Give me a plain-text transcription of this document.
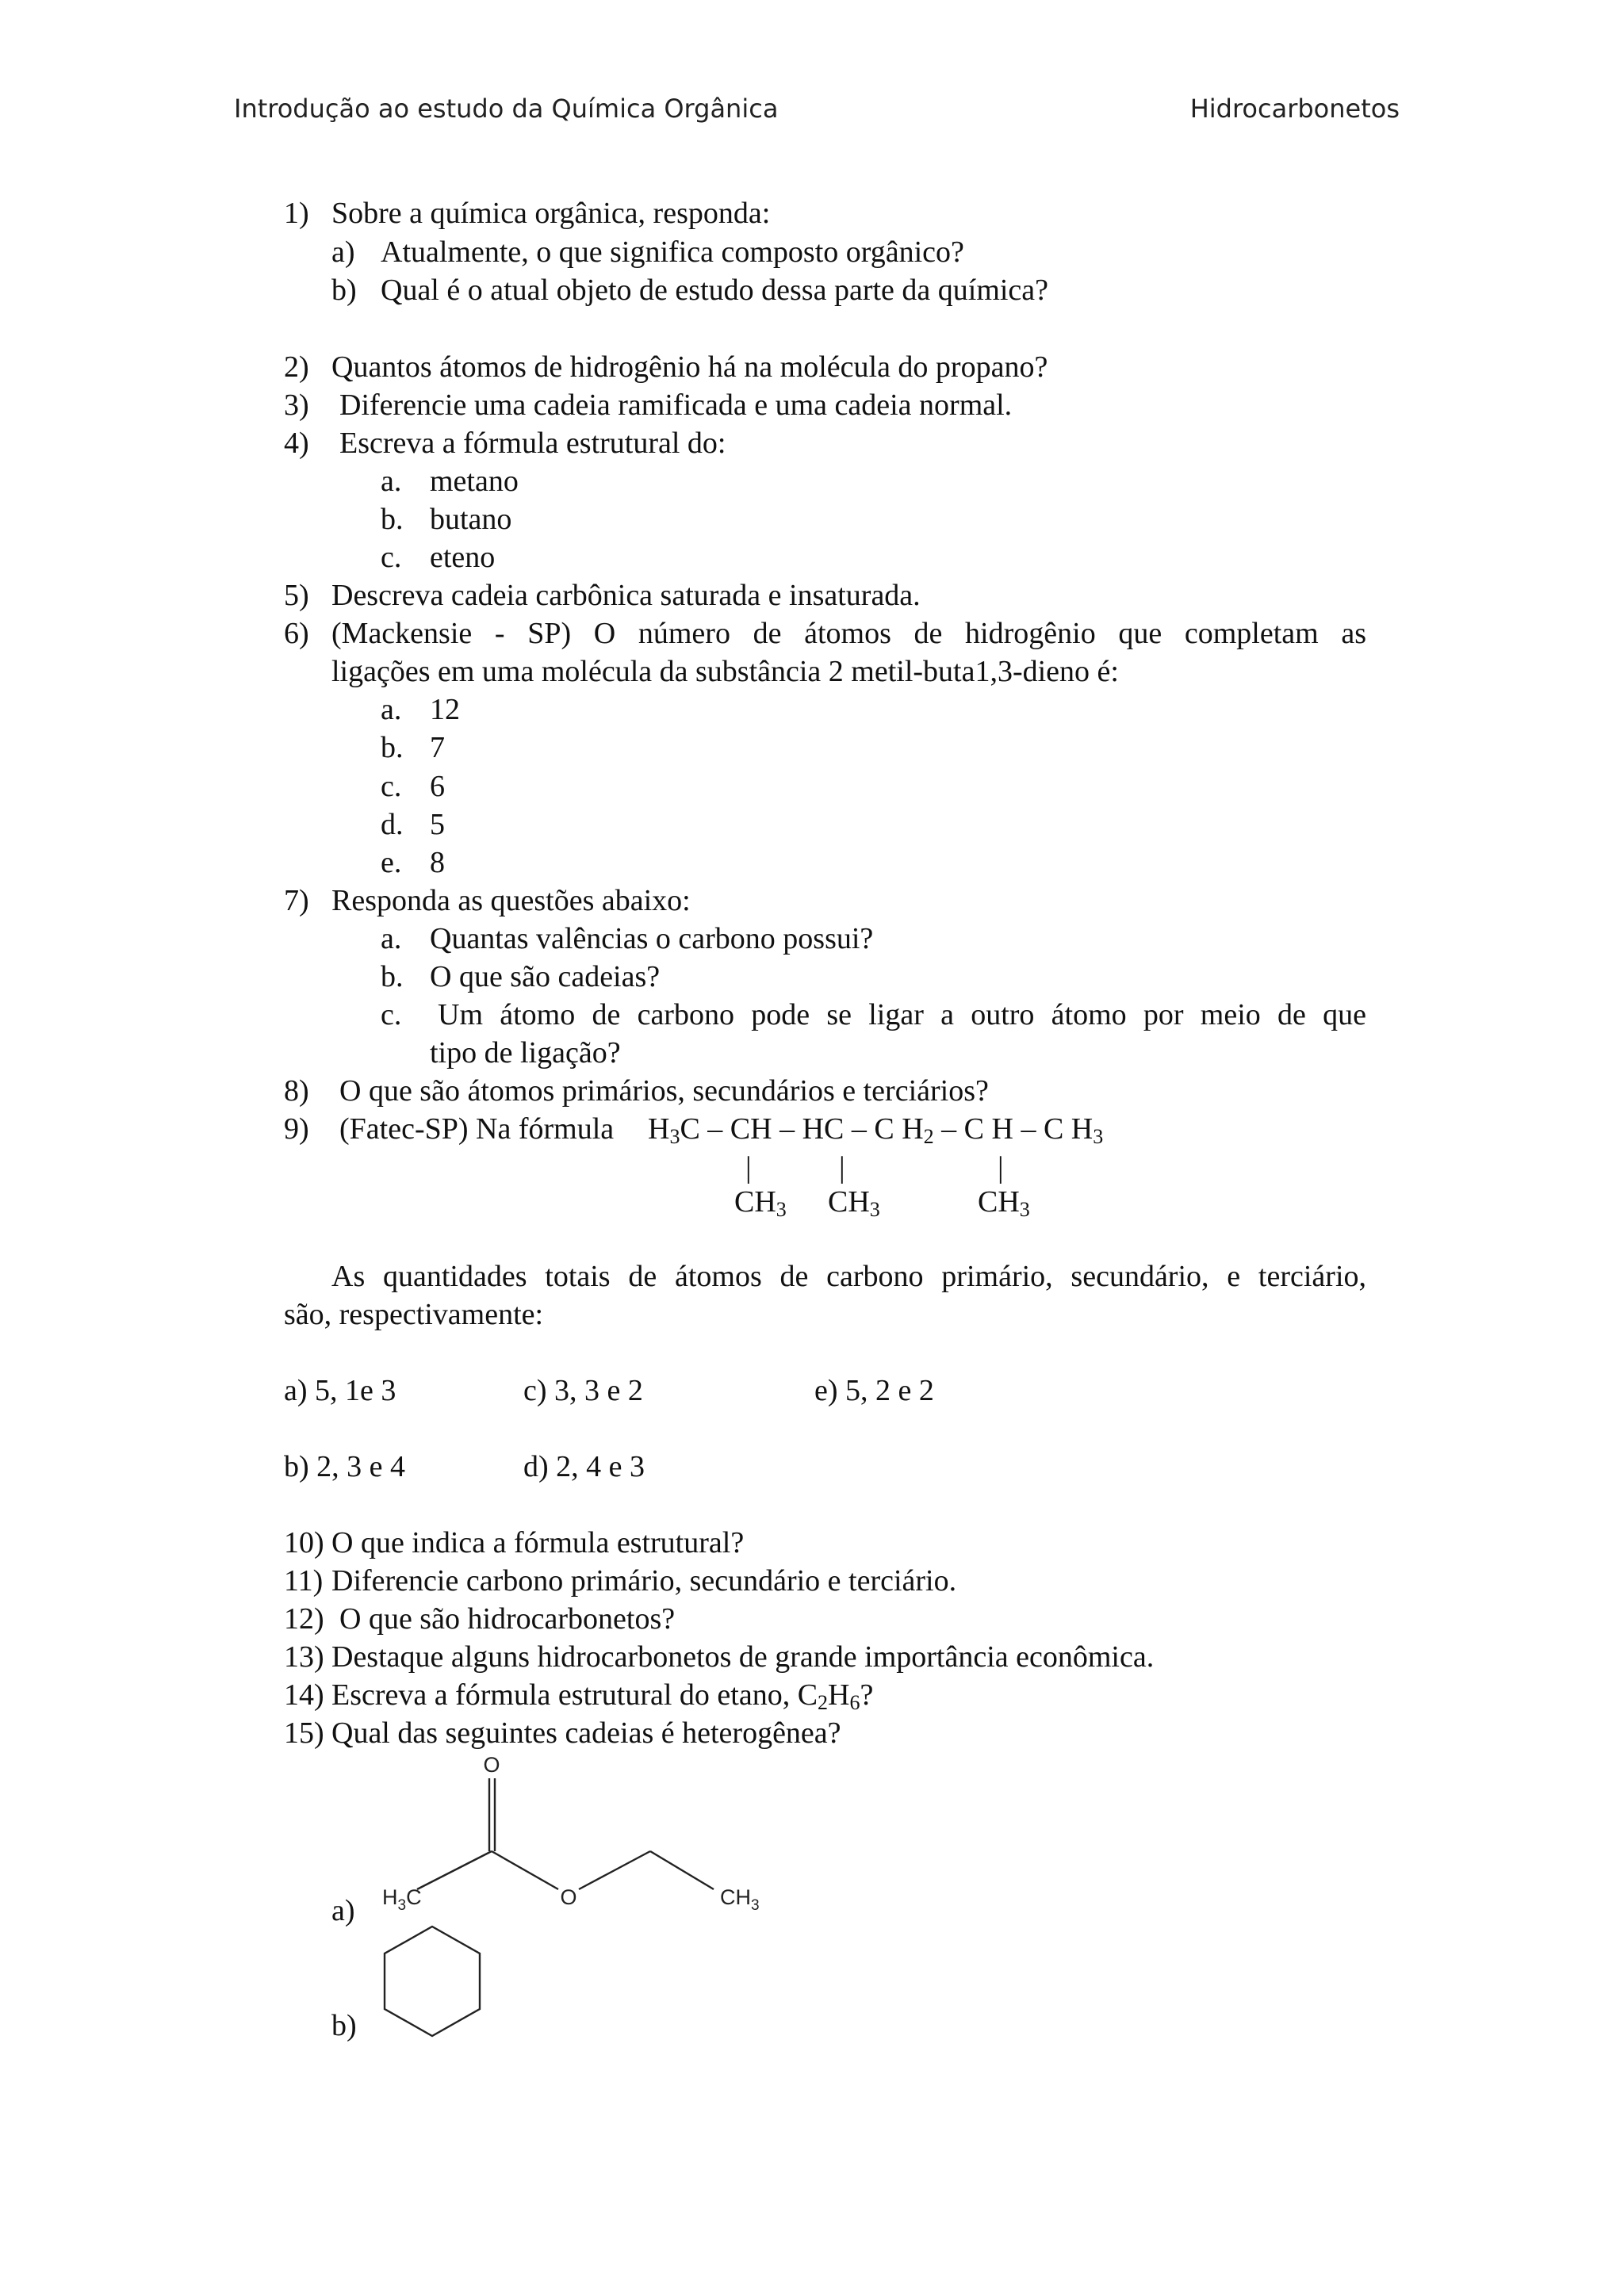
Introdução ao estudo da Química Orgânica	Hidrocarbonetos
1) Sobre a química orgânica, responda:
a) Atualmente, o que significa composto orgânico?
b) Qual é o atual objeto de estudo dessa parte da química?
2) Quantos átomos de hidrogênio há na molécula do propano?
3) Diferencie uma cadeia ramificada e uma cadeia normal.
4) Escreva a fórmula estrutural do:
a. metano
b. butano
c. eteno
5) Descreva cadeia carbônica saturada e insaturada.
6) (Mackensie - SP) O número de átomos de hidrogênio que completam as
ligações em uma molécula da substância 2 metil-buta1,3-dieno é:
a. 12
b. 7
c. 6
d. 5
e. 8
7) Responda as questões abaixo:
a. Quantas valências o carbono possui?
b. O que são cadeias?
c. Um átomo de carbono pode se ligar a outro átomo por meio de que
tipo de ligação?
8) O que são átomos primários, secundários e terciários?
9) (Fatec-SP) Na fórmula $H_3C$ – CH – HC – C $H_2$ – C H – C $H_3$
|	|	|
$CH_3$ $CH_3$	$CH_3$
As quantidades totais de átomos de carbono primário, secundário, e terciário,
são, respectivamente:
a) 5, 1e 3	c) 3, 3 e 2	e) 5, 2 e 2
b) 2, 3 e 4	d) 2, 4 e 3
10) O que indica a fórmula estrutural?
11) Diferencie carbono primário, secundário e terciário.
12) O que são hidrocarbonetos?
13) Destaque alguns hidrocarbonetos de grande importância econômica.
14) Escreva a fórmula estrutural do etano, $C_2H_6$?
15) Qual das seguintes cadeias é heterogênea?
a)
b)
O
$H_3C$	O	$CH_3$
